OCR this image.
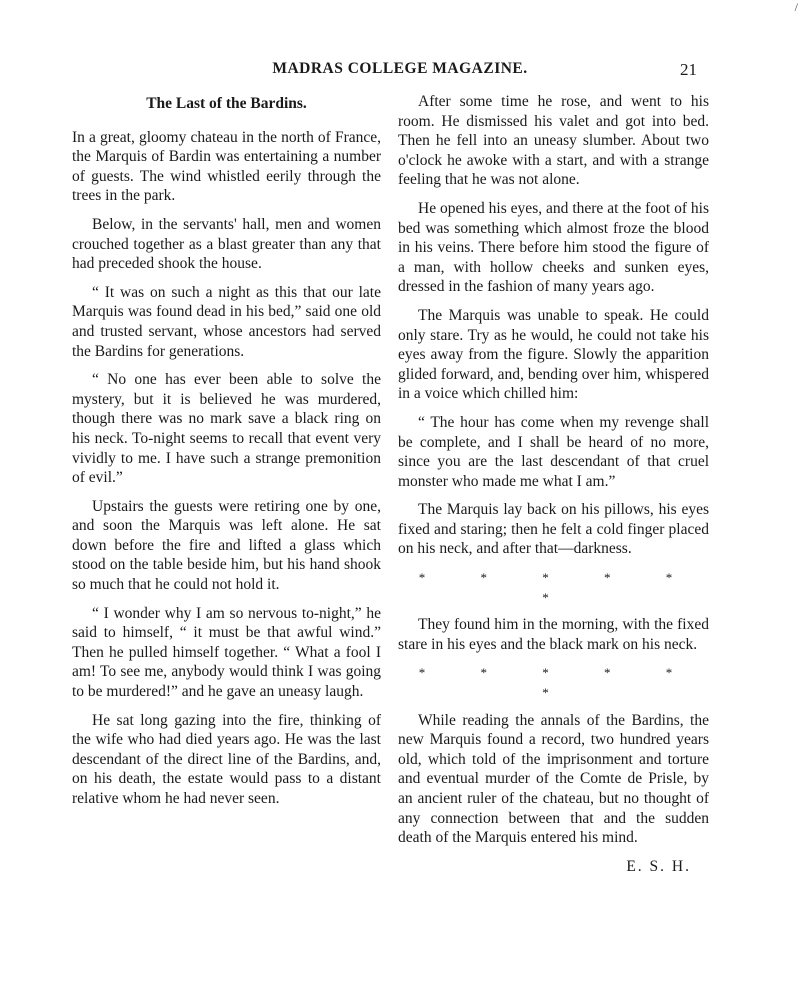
/
MADRAS COLLEGE MAGAZINE.	21
The Last of the Bardins.

In a great, gloomy chateau in the north of France, the Marquis of Bardin was entertaining a number of guests. The wind whistled eerily through the trees in the park.

Below, in the servants' hall, men and women crouched together as a blast greater than any that had preceded shook the house.

“ It was on such a night as this that our late Marquis was found dead in his bed,” said one old and trusted servant, whose ancestors had served the Bardins for generations.

“ No one has ever been able to solve the mystery, but it is believed he was murdered, though there was no mark save a black ring on his neck. To-night seems to recall that event very vividly to me. I have such a strange premonition of evil.”

Upstairs the guests were retiring one by one, and soon the Marquis was left alone. He sat down before the fire and lifted a glass which stood on the table beside him, but his hand shook so much that he could not hold it.

“ I wonder why I am so nervous to-night,” he said to himself, “ it must be that awful wind.” Then he pulled himself together. “ What a fool I am! To see me, anybody would think I was going to be murdered!” and he gave an uneasy laugh.

He sat long gazing into the fire, thinking of the wife who had died years ago. He was the last descendant of the direct line of the Bardins, and, on his death, the estate would pass to a distant relative whom he had never seen.

After some time he rose, and went to his room. He dismissed his valet and got into bed. Then he fell into an uneasy slumber. About two o'clock he awoke with a start, and with a strange feeling that he was not alone.

He opened his eyes, and there at the foot of his bed was something which almost froze the blood in his veins. There before him stood the figure of a man, with hollow cheeks and sunken eyes, dressed in the fashion of many years ago.

The Marquis was unable to speak. He could only stare. Try as he would, he could not take his eyes away from the figure. Slowly the apparition glided forward, and, bending over him, whispered in a voice which chilled him:

“ The hour has come when my revenge shall be complete, and I shall be heard of no more, since you are the last descendant of that cruel monster who made me what I am.”

The Marquis lay back on his pillows, his eyes fixed and staring; then he felt a cold finger placed on his neck, and after that—darkness.

* * * * * *

They found him in the morning, with the fixed stare in his eyes and the black mark on his neck.

* * * * * *

While reading the annals of the Bardins, the new Marquis found a record, two hundred years old, which told of the imprisonment and torture and eventual murder of the Comte de Prisle, by an ancient ruler of the chateau, but no thought of any connection between that and the sudden death of the Marquis entered his mind.

E. S. H.
